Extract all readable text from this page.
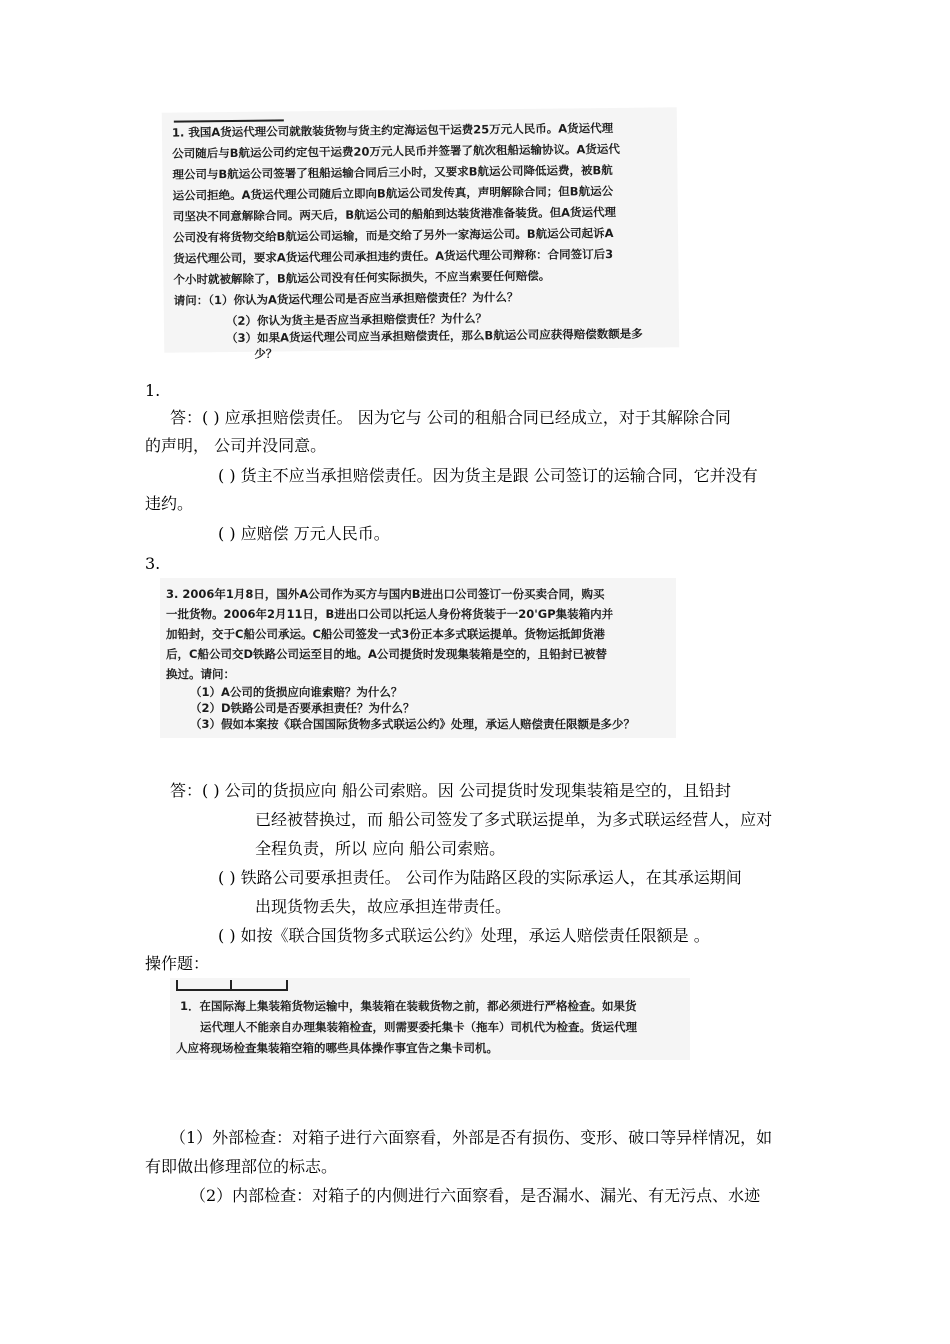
1. 我国A货运代理公司就散装货物与货主约定海运包干运费25万元人民币。A货运代理
公司随后与B航运公司约定包干运费20万元人民币并签署了航次租船运输协议。A货运代
理公司与B航运公司签署了租船运输合同后三小时，又要求B航运公司降低运费，被B航
运公司拒绝。A货运代理公司随后立即向B航运公司发传真，声明解除合同；但B航运公
司坚决不同意解除合同。两天后，B航运公司的船舶到达装货港准备装货。但A货运代理
公司没有将货物交给B航运公司运输，而是交给了另外一家海运公司。B航运公司起诉A
货运代理公司，要求A货运代理公司承担违约责任。A货运代理公司辩称：合同签订后3
个小时就被解除了，B航运公司没有任何实际损失，不应当索要任何赔偿。
请问：（1）你认为A货运代理公司是否应当承担赔偿责任？为什么？
（2）你认为货主是否应当承担赔偿责任？为什么？
（3）如果A货运代理公司应当承担赔偿责任，那么B航运公司应获得赔偿数额是多
少？
1.
答：( ) 应承担赔偿责任。 因为它与 公司的租船合同已经成立，对于其解除合同
的声明， 公司并没同意。
( ) 货主不应当承担赔偿责任。因为货主是跟 公司签订的运输合同，它并没有
违约。
( ) 应赔偿 万元人民币。
3.
3. 2006年1月8日，国外A公司作为买方与国内B进出口公司签订一份买卖合同，购买
一批货物。2006年2月11日，B进出口公司以托运人身份将货装于一20'GP集装箱内并
加铅封，交于C船公司承运。C船公司签发一式3份正本多式联运提单。货物运抵卸货港
后，C船公司交D铁路公司运至目的地。A公司提货时发现集装箱是空的，且铅封已被替
换过。请问：
（1）A公司的货损应向谁索赔？为什么？
（2）D铁路公司是否要承担责任？为什么？
（3）假如本案按《联合国国际货物多式联运公约》处理，承运人赔偿责任限额是多少？
答：( ) 公司的货损应向 船公司索赔。因 公司提货时发现集装箱是空的，且铅封
已经被替换过，而 船公司签发了多式联运提单，为多式联运经营人，应对
全程负责，所以 应向 船公司索赔。
( ) 铁路公司要承担责任。 公司作为陆路区段的实际承运人，在其承运期间
出现货物丢失，故应承担连带责任。
( ) 如按《联合国货物多式联运公约》处理，承运人赔偿责任限额是 。
操作题：
1．在国际海上集装箱货物运输中，集装箱在装载货物之前，都必须进行严格检查。如果货
运代理人不能亲自办理集装箱检查，则需要委托集卡（拖车）司机代为检查。货运代理
人应将现场检查集装箱空箱的哪些具体操作事宜告之集卡司机。
（1）外部检查：对箱子进行六面察看，外部是否有损伤、变形、破口等异样情况，如
有即做出修理部位的标志。
（2）内部检查：对箱子的内侧进行六面察看，是否漏水、漏光、有无污点、水迹
